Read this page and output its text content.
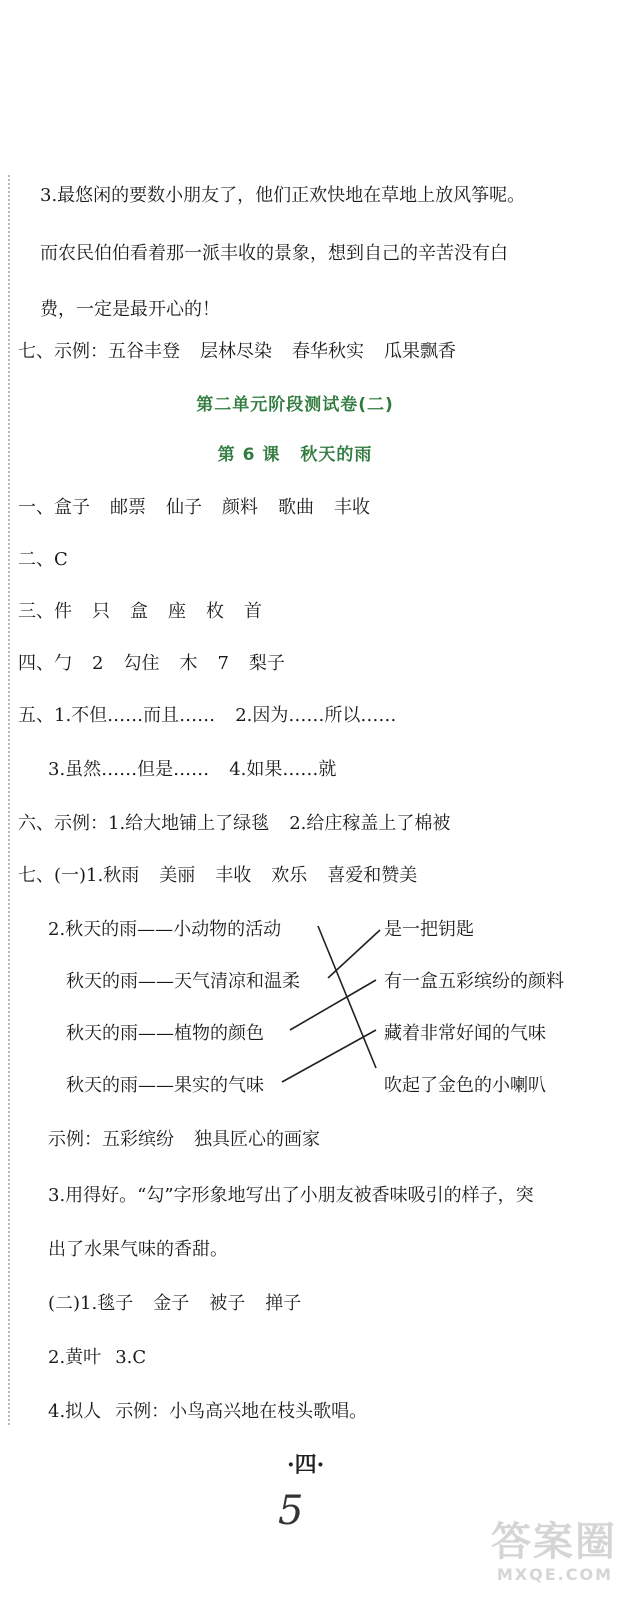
3.最悠闲的要数小朋友了，他们正欢快地在草地上放风筝呢。
而农民伯伯看着那一派丰收的景象，想到自己的辛苦没有白
费，一定是最开心的！
七、示例：五谷丰登 层林尽染 春华秋实 瓜果飘香
第二单元阶段测试卷(二)
第 6 课 秋天的雨
一、盒子 邮票 仙子 颜料 歌曲 丰收
二、C
三、件 只 盒 座 枚 首
四、勹 2 勾住 木 7 梨子
五、1.不但……而且…… 2.因为……所以……
3.虽然……但是…… 4.如果……就
六、示例：1.给大地铺上了绿毯 2.给庄稼盖上了棉被
七、(一)1.秋雨 美丽 丰收 欢乐 喜爱和赞美
2.秋天的雨——小动物的活动
秋天的雨——天气清凉和温柔
秋天的雨——植物的颜色
秋天的雨——果实的气味
是一把钥匙
有一盒五彩缤纷的颜料
藏着非常好闻的气味
吹起了金色的小喇叭
示例：五彩缤纷 独具匠心的画家
3.用得好。“勾”字形象地写出了小朋友被香味吸引的样子，突
出了水果气味的香甜。
(二)1.毯子 金子 被子 掸子
2.黄叶 3.C
4.拟人 示例：小鸟高兴地在枝头歌唱。
·四·
5
答案圈
MXQE.COM
